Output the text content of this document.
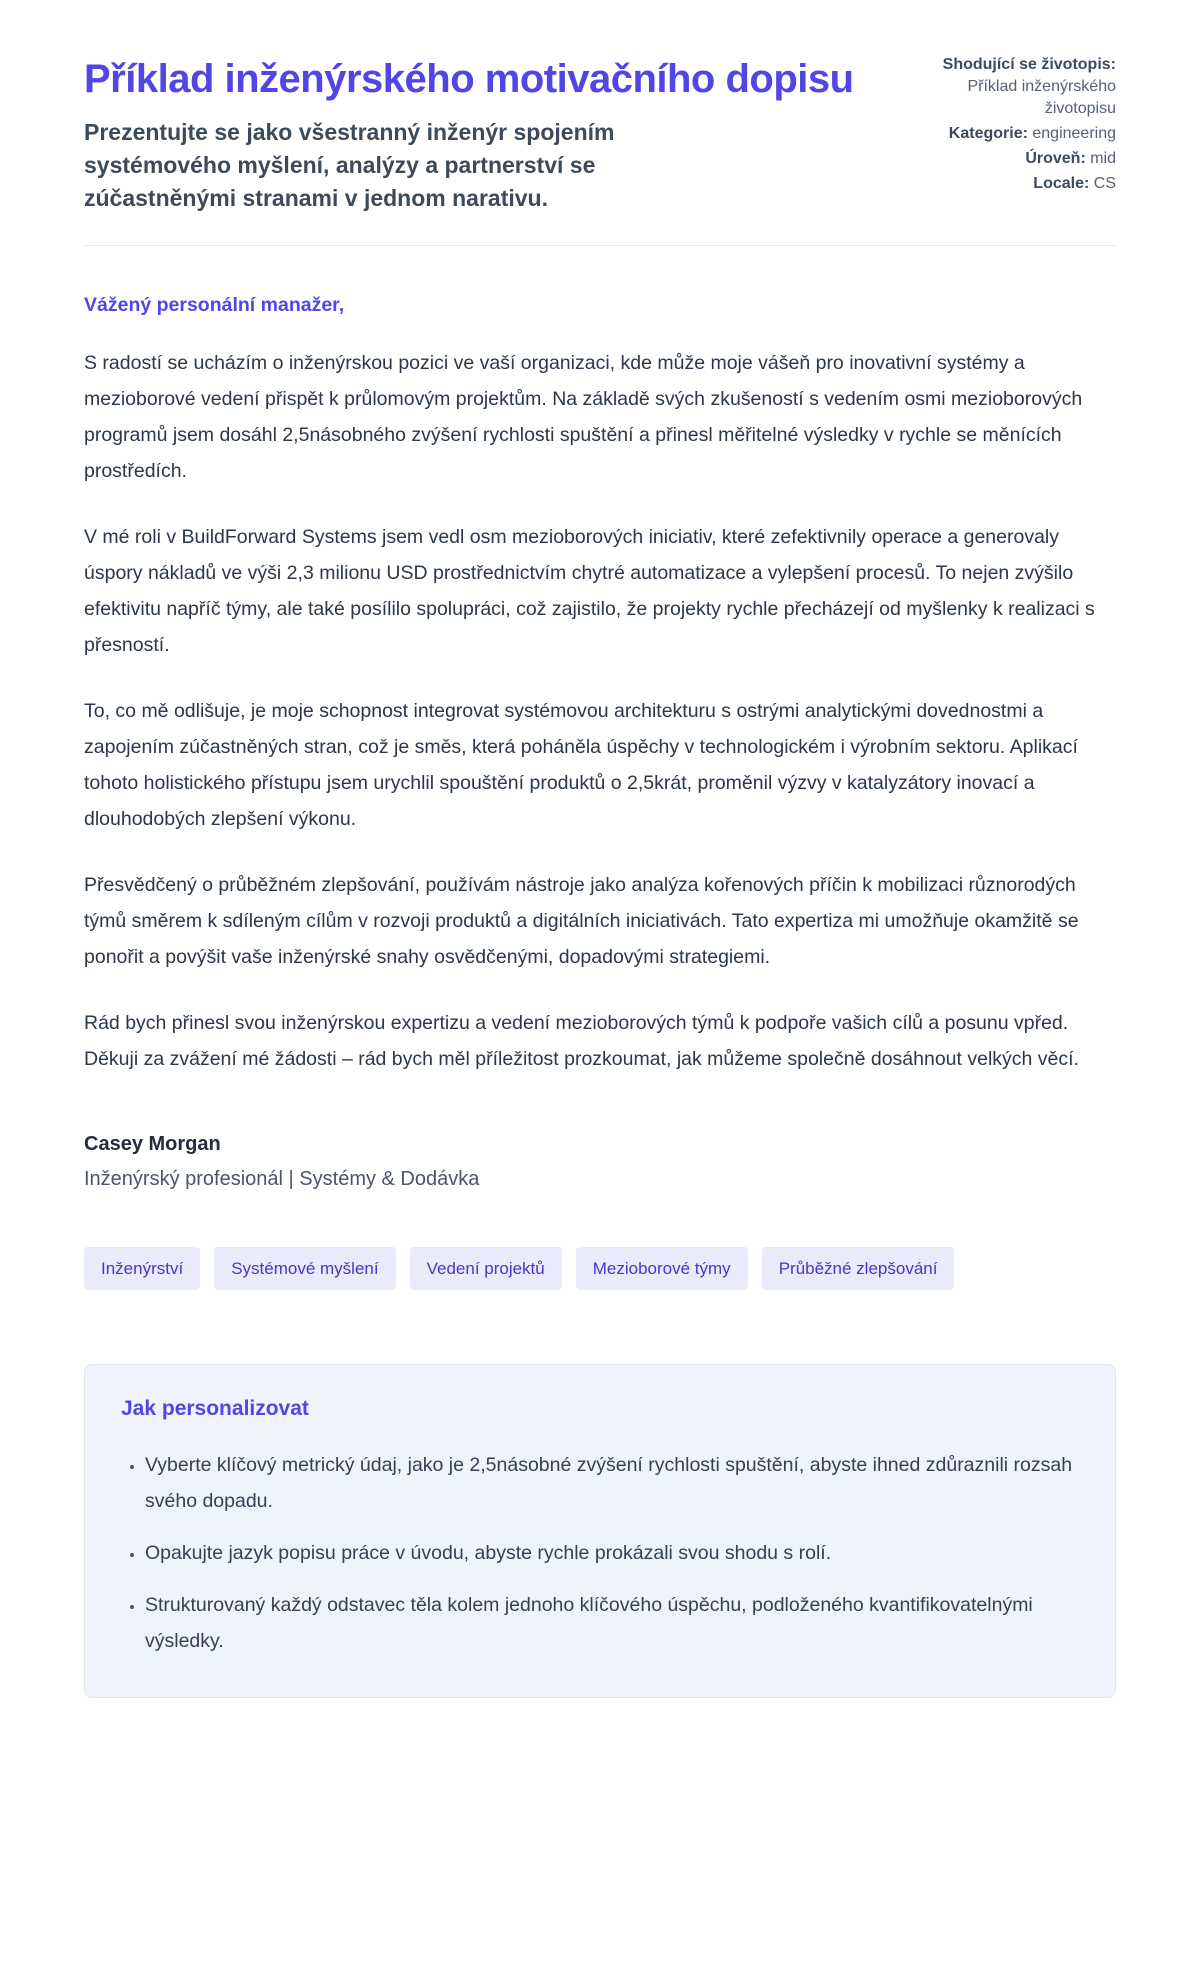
Příklad inženýrského motivačního dopisu

Prezentujte se jako všestranný inženýr spojením systémového myšlení, analýzy a partnerství se zúčastněnými stranami v jednom narativu.

Shodující se životopis: Příklad inženýrského životopisu
Kategorie: engineering
Úroveň: mid
Locale: CS

Vážený personální manažer,

S radostí se ucházím o inženýrskou pozici ve vaší organizaci, kde může moje vášeň pro inovativní systémy a mezioborové vedení přispět k průlomovým projektům. Na základě svých zkušeností s vedením osmi mezioborových programů jsem dosáhl 2,5násobného zvýšení rychlosti spuštění a přinesl měřitelné výsledky v rychle se měnících prostředích.

V mé roli v BuildForward Systems jsem vedl osm mezioborových iniciativ, které zefektivnily operace a generovaly úspory nákladů ve výši 2,3 milionu USD prostřednictvím chytré automatizace a vylepšení procesů. To nejen zvýšilo efektivitu napříč týmy, ale také posílilo spolupráci, což zajistilo, že projekty rychle přecházejí od myšlenky k realizaci s přesností.

To, co mě odlišuje, je moje schopnost integrovat systémovou architekturu s ostrými analytickými dovednostmi a zapojením zúčastněných stran, což je směs, která poháněla úspěchy v technologickém i výrobním sektoru. Aplikací tohoto holistického přístupu jsem urychlil spouštění produktů o 2,5krát, proměnil výzvy v katalyzátory inovací a dlouhodobých zlepšení výkonu.

Přesvědčený o průběžném zlepšování, používám nástroje jako analýza kořenových příčin k mobilizaci různorodých týmů směrem k sdíleným cílům v rozvoji produktů a digitálních iniciativách. Tato expertiza mi umožňuje okamžitě se ponořit a povýšit vaše inženýrské snahy osvědčenými, dopadovými strategiemi.

Rád bych přinesl svou inženýrskou expertizu a vedení mezioborových týmů k podpoře vašich cílů a posunu vpřed. Děkuji za zvážení mé žádosti – rád bych měl příležitost prozkoumat, jak můžeme společně dosáhnout velkých věcí.

Casey Morgan

Inženýrský profesionál | Systémy & Dodávka

Inženýrství	Systémové myšlení	Vedení projektů	Mezioborové týmy	Průběžné zlepšování
Jak personalizovat
• Vyberte klíčový metrický údaj, jako je 2,5násobné zvýšení rychlosti spuštění, abyste ihned zdůraznili rozsah svého dopadu.
• Opakujte jazyk popisu práce v úvodu, abyste rychle prokázali svou shodu s rolí.
• Strukturovaný každý odstavec těla kolem jednoho klíčového úspěchu, podloženého kvantifikovatelnými výsledky.
